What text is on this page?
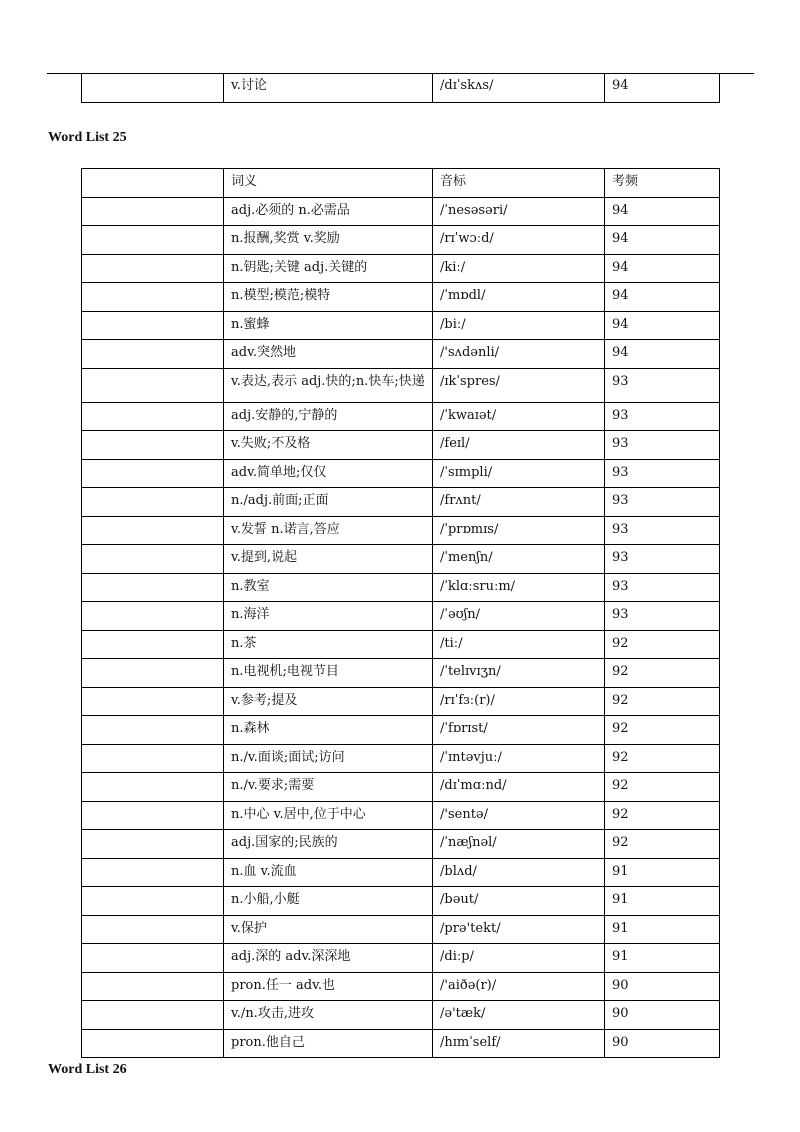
	v.讨论	/dɪˈskʌs/	94
Word List 25
	词义	音标	考频
	adj.必须的 n.必需品	/ˈnesəsəri/	94
	n.报酬,奖赏 v.奖励	/rɪˈwɔːd/	94
	n.钥匙;关键 adj.关键的	/kiː/	94
	n.模型;模范;模特	/ˈmɒdl/	94
	n.蜜蜂	/biː/	94
	adv.突然地	/'sʌdənli/	94
	v.表达,表示 adj.快的;n.快车;快递	/ɪkˈspres/	93
	adj.安静的,宁静的	/ˈkwaɪət/	93
	v.失败;不及格	/feɪl/	93
	adv.简单地;仅仅	/ˈsɪmpli/	93
	n./adj.前面;正面	/frʌnt/	93
	v.发誓 n.诺言,答应	/ˈprɒmɪs/	93
	v.提到,说起	/ˈmenʃn/	93
	n.教室	/ˈklɑːsruːm/	93
	n.海洋	/ˈəʊʃn/	93
	n.茶	/tiː/	92
	n.电视机;电视节目	/ˈtelɪvɪʒn/	92
	v.参考;提及	/rɪˈfɜː(r)/	92
	n.森林	/ˈfɒrɪst/	92
	n./v.面谈;面试;访问	/ˈɪntəvjuː/	92
	n./v.要求;需要	/dɪˈmɑːnd/	92
	n.中心 v.居中,位于中心	/'sentə/	92
	adj.国家的;民族的	/ˈnæʃnəl/	92
	n.血 v.流血	/blʌd/	91
	n.小船,小艇	/bəut/	91
	v.保护	/prə'tekt/	91
	adj.深的 adv.深深地	/diːp/	91
	pron.任一 adv.也	/'aiðə(r)/	90
	v./n.攻击,进攻	/ə'tæk/	90
	pron.他自己	/hɪmˈself/	90
Word List 26
